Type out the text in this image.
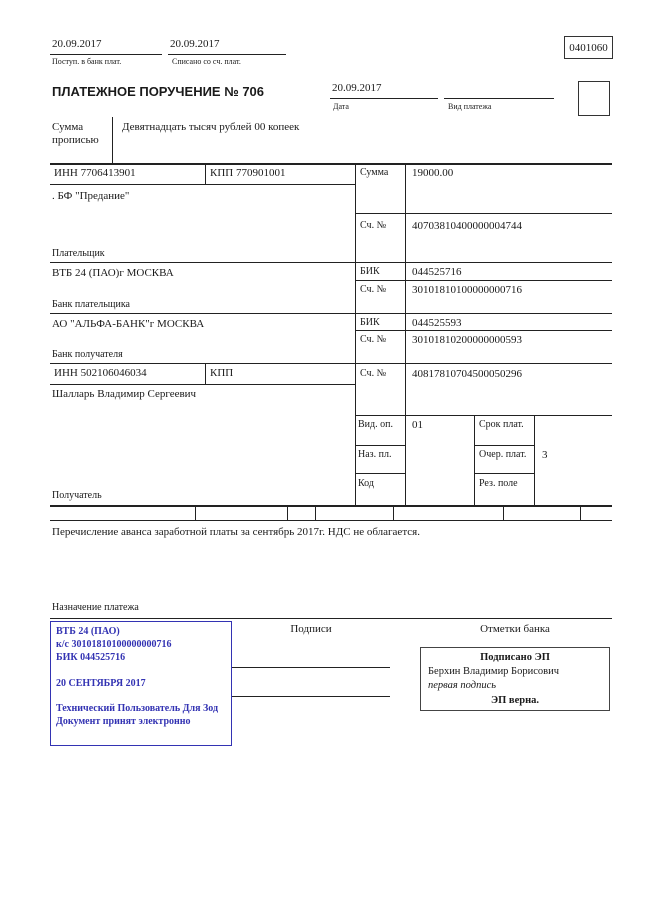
20.09.2017
Поступ. в банк плат.
20.09.2017
Списано со сч. плат.
0401060
ПЛАТЕЖНОЕ ПОРУЧЕНИЕ № 706	20.09.2017
Дата	Вид платежа
Сумма прописью
Девятнадцать тысяч рублей 00 копеек
ИНН 7706413901	КПП 770901001
. БФ "Предание"
Плательщик
Сумма 19000.00
Сч. № 40703810400000004744
ВТБ 24 (ПАО)г МОСКВА	БИК	044525716
Сч. № 30101810100000000716
Банк плательщика
АО "АЛЬФА-БАНК"г МОСКВА	БИК	044525593
Сч. № 30101810200000000593
Банк получателя
ИНН 502106046034	КПП
Шалларь Владимир Сергеевич
Сч. № 40817810704500050296
Получатель
Вид. оп. 01	Срок плат.
Наз. пл.	Очер. плат. 3
Код	Рез. поле
Перечисление аванса заработной платы за сентябрь 2017г. НДС не облагается.
Назначение платежа
ВТБ 24 (ПАО)
к/с 30101810100000000716
БИК 044525716
20 СЕНТЯБРЯ 2017
Технический Пользователь Для Зод
Документ принят электронно
Подписи	Отметки банка
Подписано ЭП
Берхин Владимир Борисович
первая подпись
ЭП верна.
